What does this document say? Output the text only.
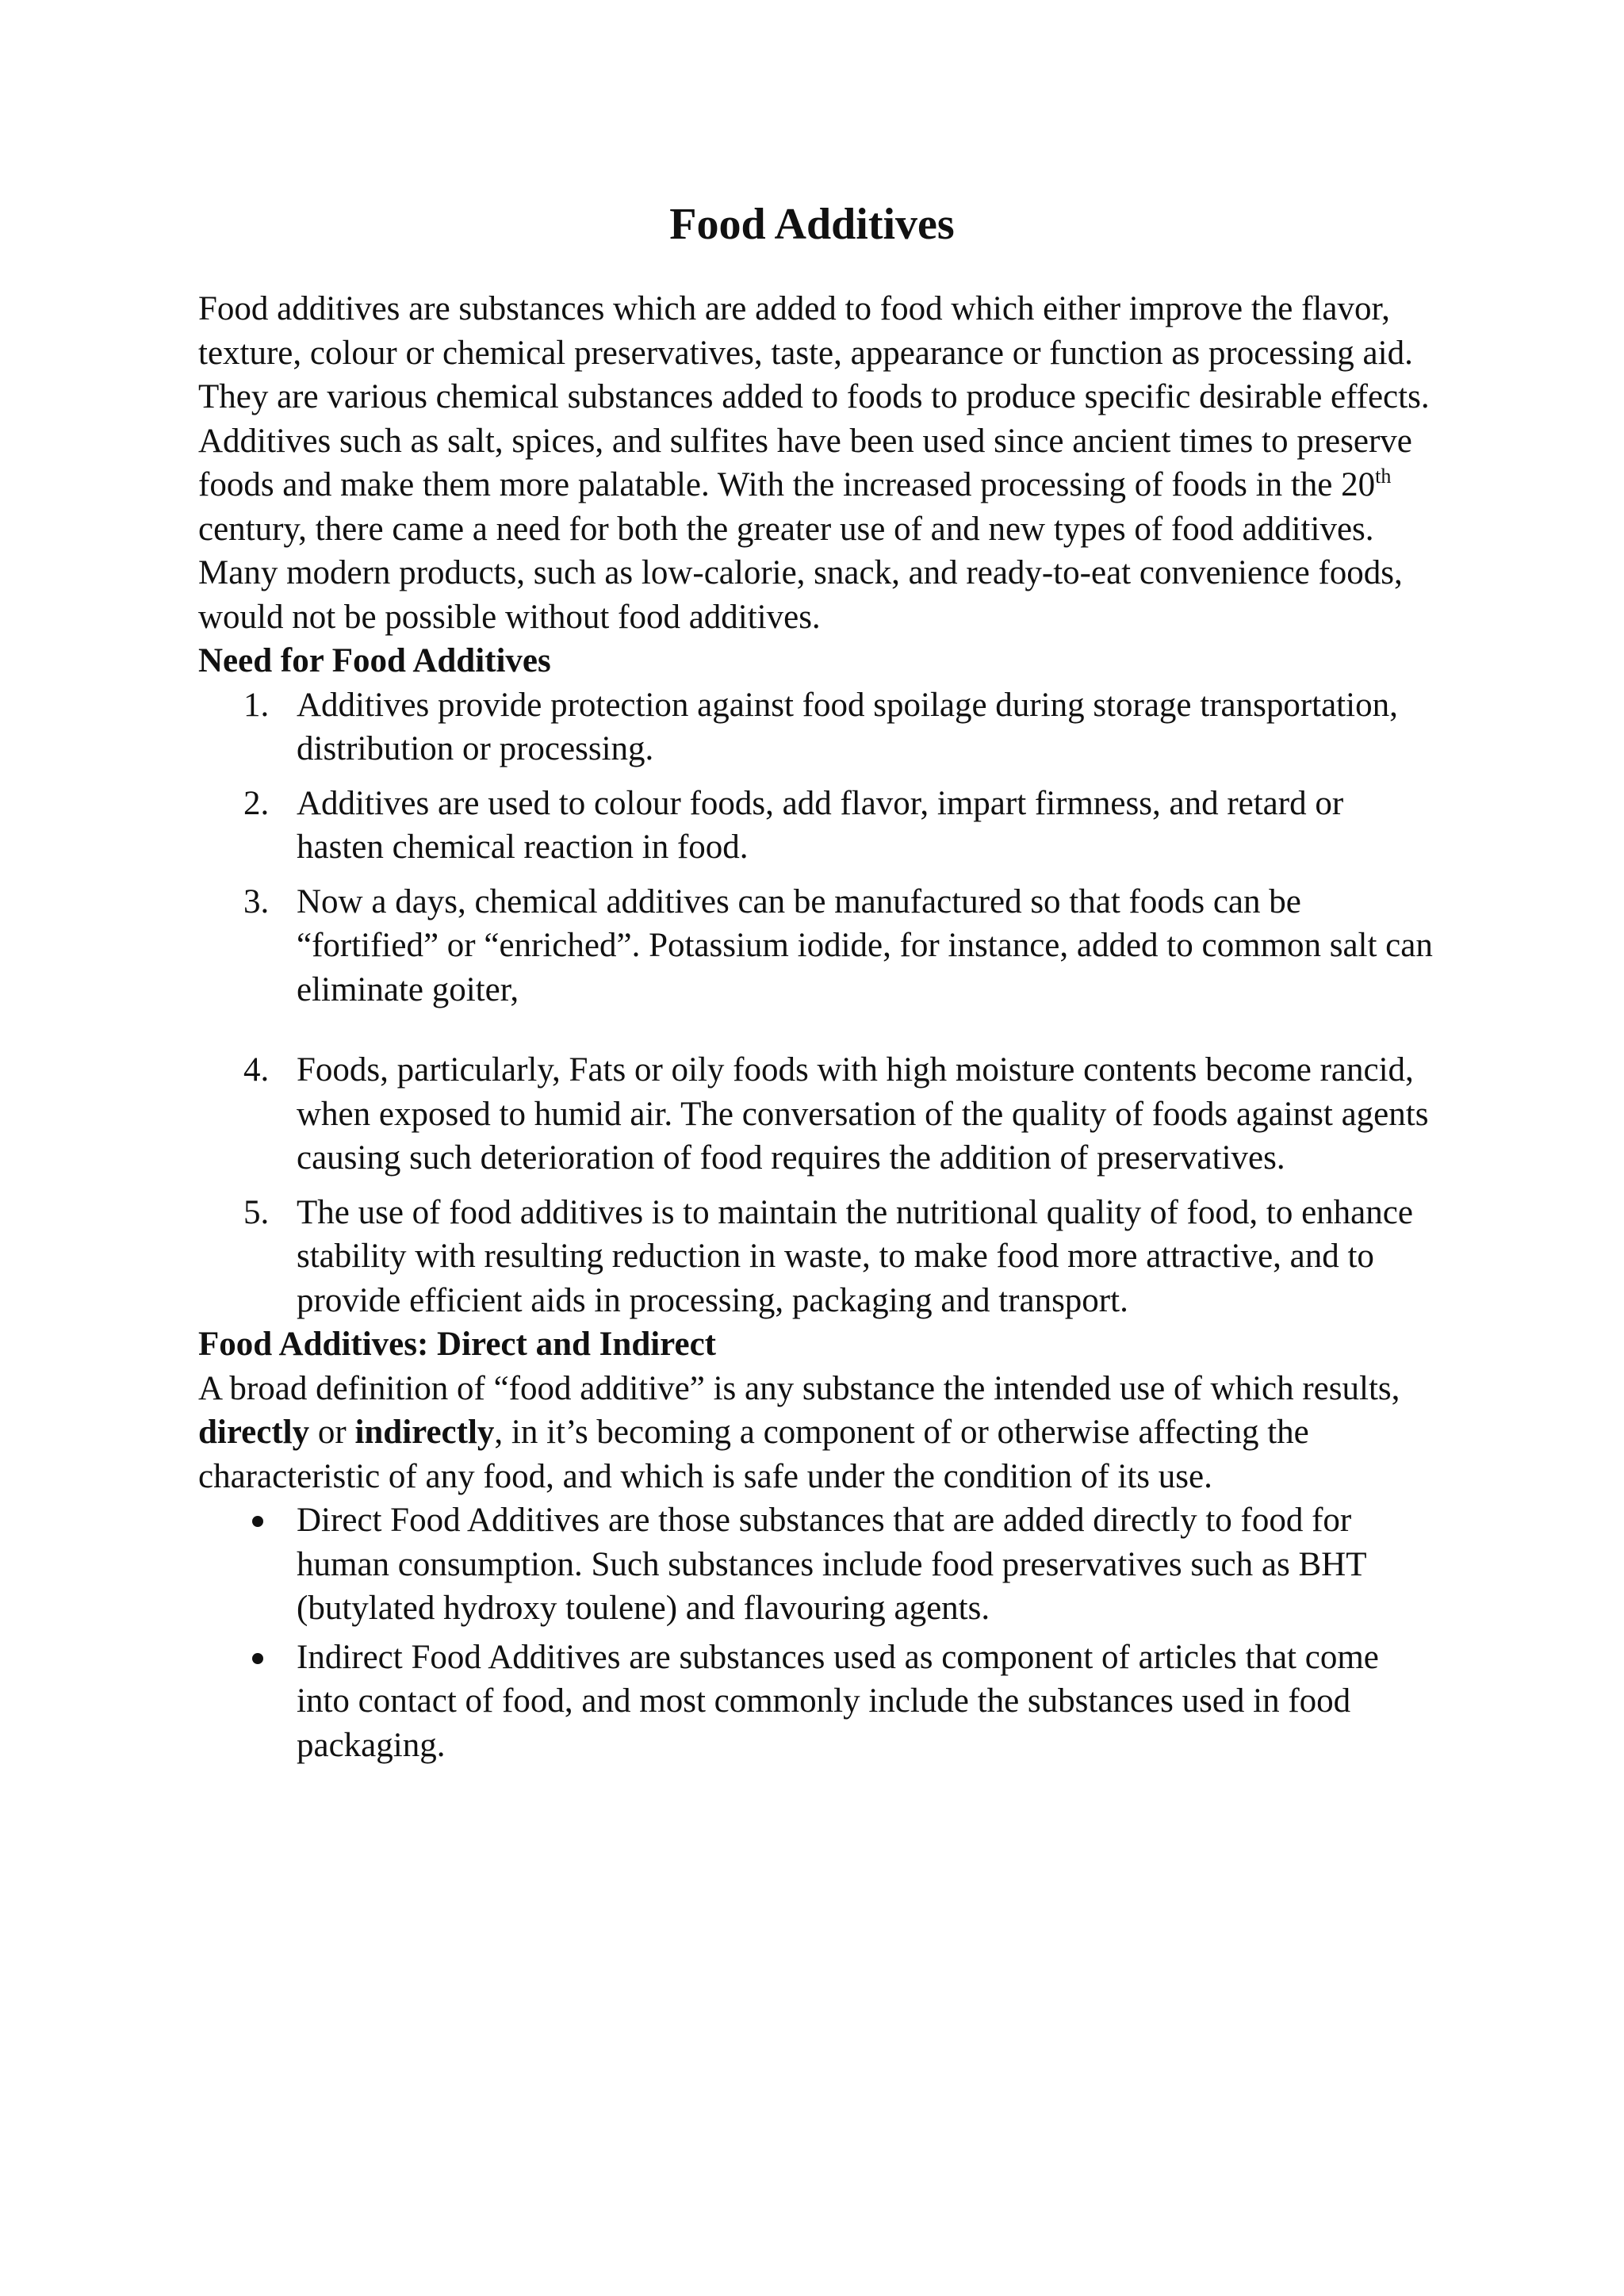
Food Additives

Food additives are substances which are added to food which either improve the flavor, texture, colour or chemical preservatives, taste, appearance or function as processing aid.

They are various chemical substances added to foods to produce specific desirable effects. Additives such as salt, spices, and sulfites have been used since ancient times to preserve foods and make them more palatable. With the increased processing of foods in the 20th century, there came a need for both the greater use of and new types of food additives. Many modern products, such as low-calorie, snack, and ready-to-eat convenience foods, would not be possible without food additives.

Need for Food Additives

1. Additives provide protection against food spoilage during storage transportation, distribution or processing.
2. Additives are used to colour foods, add flavor, impart firmness, and retard or hasten chemical reaction in food.
3. Now a days, chemical additives can be manufactured so that foods can be “fortified” or “enriched”. Potassium iodide, for instance, added to common salt can eliminate goiter,
4. Foods, particularly, Fats or oily foods with high moisture contents become rancid, when exposed to humid air. The conversation of the quality of foods against agents causing such deterioration of food requires the addition of preservatives.
5. The use of food additives is to maintain the nutritional quality of food, to enhance stability with resulting reduction in waste, to make food more attractive, and to provide efficient aids in processing, packaging and transport.

Food Additives: Direct and Indirect

A broad definition of “food additive” is any substance the intended use of which results, directly or indirectly, in it’s becoming a component of or otherwise affecting the characteristic of any food, and which is safe under the condition of its use.

Direct Food Additives are those substances that are added directly to food for human consumption. Such substances include food preservatives such as BHT (butylated hydroxy toulene) and flavouring agents.
Indirect Food Additives are substances used as component of articles that come into contact of food, and most commonly include the substances used in food packaging.
